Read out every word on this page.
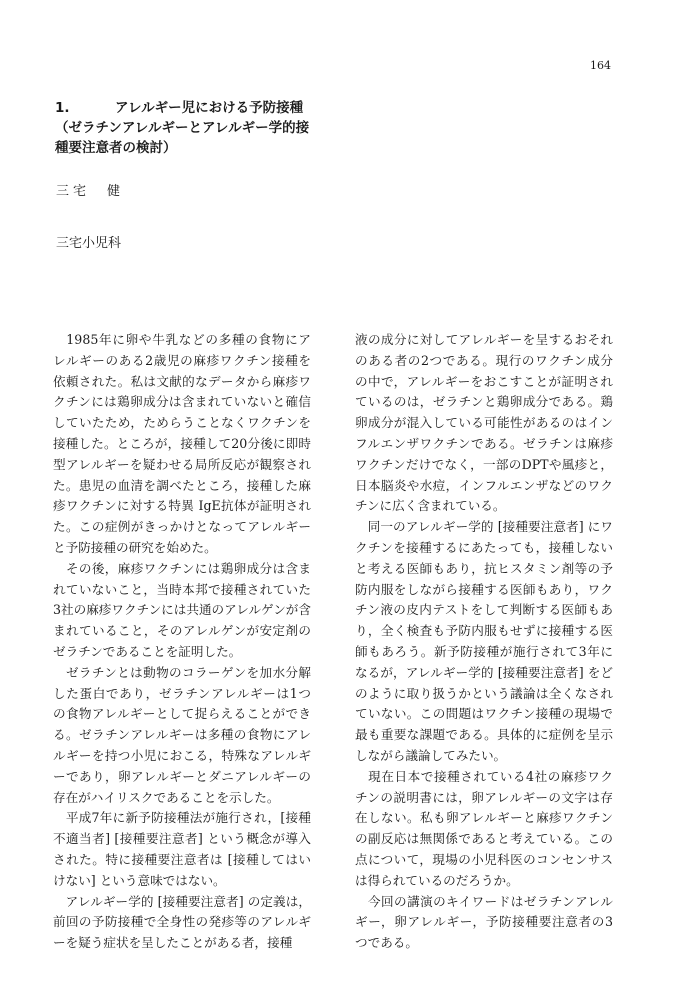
164
1.	アレルギー児における予防接種
（ゼラチンアレルギーとアレルギー学的接
種要注意者の検討）
三宅　健
三宅小児科

　1985年に卵や牛乳などの多種の食物にアレルギーのある2歳児の麻疹ワクチン接種を依頼された。私は文献的なデータから麻疹ワクチンには鶏卵成分は含まれていないと確信していたため，ためらうことなくワクチンを接種した。ところが，接種して20分後に即時型アレルギーを疑わせる局所反応が観察された。患児の血清を調べたところ，接種した麻疹ワクチンに対する特異 IgE抗体が証明された。この症例がきっかけとなってアレルギーと予防接種の研究を始めた。

　その後，麻疹ワクチンには鶏卵成分は含まれていないこと，当時本邦で接種されていた3社の麻疹ワクチンには共通のアレルゲンが含まれていること，そのアレルゲンが安定剤のゼラチンであることを証明した。

　ゼラチンとは動物のコラーゲンを加水分解した蛋白であり，ゼラチンアレルギーは1つの食物アレルギーとして捉らえることができる。ゼラチンアレルギーは多種の食物にアレルギーを持つ小児におこる，特殊なアレルギーであり，卵アレルギーとダニアレルギーの存在がハイリスクであることを示した。

　平成7年に新予防接種法が施行され，[接種不適当者] [接種要注意者] という概念が導入された。特に接種要注意者は [接種してはいけない] という意味ではない。

　アレルギー学的 [接種要注意者] の定義は，前回の予防接種で全身性の発疹等のアレルギーを疑う症状を呈したことがある者，接種

液の成分に対してアレルギーを呈するおそれのある者の2つである。現行のワクチン成分の中で，アレルギーをおこすことが証明されているのは，ゼラチンと鶏卵成分である。鶏卵成分が混入している可能性があるのはインフルエンザワクチンである。ゼラチンは麻疹ワクチンだけでなく，一部のDPTや風疹と，日本脳炎や水痘，インフルエンザなどのワクチンに広く含まれている。

　同一のアレルギー学的 [接種要注意者] にワクチンを接種するにあたっても，接種しないと考える医師もあり，抗ヒスタミン剤等の予防内服をしながら接種する医師もあり，ワクチン液の皮内テストをして判断する医師もあり，全く検査も予防内服もせずに接種する医師もあろう。新予防接種が施行されて3年になるが，アレルギー学的 [接種要注意者] をどのように取り扱うかという議論は全くなされていない。この問題はワクチン接種の現場で最も重要な課題である。具体的に症例を呈示しながら議論してみたい。

　現在日本で接種されている4社の麻疹ワクチンの説明書には，卵アレルギーの文字は存在しない。私も卵アレルギーと麻疹ワクチンの副反応は無関係であると考えている。この点について，現場の小児科医のコンセンサスは得られているのだろうか。

　今回の講演のキイワードはゼラチンアレルギー，卵アレルギー，予防接種要注意者の3つである。
